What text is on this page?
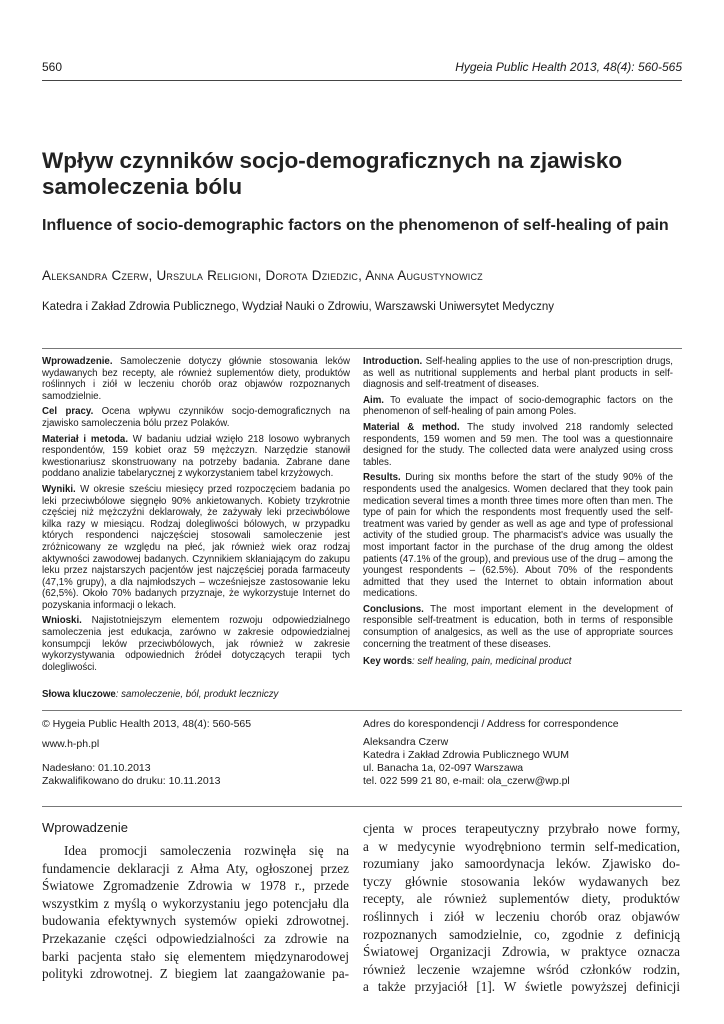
560	Hygeia Public Health 2013, 48(4): 560-565
Wpływ czynników socjo-demograficznych na zjawisko samoleczenia bólu
Influence of socio-demographic factors on the phenomenon of self-healing of pain
Aleksandra Czerw, Urszula Religioni, Dorota Dziedzic, Anna Augustynowicz
Katedra i Zakład Zdrowia Publicznego, Wydział Nauki o Zdrowiu, Warszawski Uniwersytet Medyczny

Wprowadzenie. Samoleczenie dotyczy głównie stosowania leków wydawanych bez recepty, ale również suplementów diety, produktów roślinnych i ziół w leczeniu chorób oraz objawów rozpoznanych samodzielnie.

Cel pracy. Ocena wpływu czynników socjo-demograficznych na zjawisko samoleczenia bólu przez Polaków.

Materiał i metoda. W badaniu udział wzięło 218 losowo wybranych respondentów, 159 kobiet oraz 59 mężczyzn. Narzędzie stanowił kwestionariusz skonstruowany na potrzeby badania. Zabrane dane poddano analizie tabelarycznej z wykorzystaniem tabel krzyżowych.

Wyniki. W okresie sześciu miesięcy przed rozpoczęciem badania po leki przeciwbólowe sięgnęło 90% ankietowanych. Kobiety trzykrotnie częściej niż mężczyźni deklarowały, że zażywały leki przeciwbólowe kilka razy w miesiącu. Rodzaj dolegliwości bólowych, w przypadku których respondenci najczęściej stosowali samoleczenie jest zróżnicowany ze względu na płeć, jak również wiek oraz rodzaj aktywności zawodowej badanych. Czynnikiem skłaniającym do zakupu leku przez najstarszych pacjentów jest najczęściej porada farmaceuty (47,1% grupy), a dla najmłodszych – wcześniejsze zastosowanie leku (62,5%). Około 70% badanych przyznaje, że wykorzystuje Internet do pozyskania informacji o lekach.

Wnioski. Najistotniejszym elementem rozwoju odpowiedzialnego samoleczenia jest edukacja, zarówno w zakresie odpowiedzialnej konsumpcji leków przeciwbólowych, jak również w zakresie wykorzystywania odpowiednich źródeł dotyczących terapii tych dolegliwości.

Słowa kluczowe: samoleczenie, ból, produkt leczniczy

Introduction. Self-healing applies to the use of non-prescription drugs, as well as nutritional supplements and herbal plant products in self-diagnosis and self-treatment of diseases.

Aim. To evaluate the impact of socio-demographic factors on the phenomenon of self-healing of pain among Poles.

Material & method. The study involved 218 randomly selected respondents, 159 women and 59 men. The tool was a questionnaire designed for the study. The collected data were analyzed using cross tables.

Results. During six months before the start of the study 90% of the respondents used the analgesics. Women declared that they took pain medication several times a month three times more often than men. The type of pain for which the respondents most frequently used the self-treatment was varied by gender as well as age and type of professional activity of the studied group. The pharmacist's advice was usually the most important factor in the purchase of the drug among the oldest patients (47.1% of the group), and previous use of the drug – among the youngest respondents – (62.5%). About 70% of the respondents admitted that they used the Internet to obtain information about medications.

Conclusions. The most important element in the development of responsible self-treatment is education, both in terms of responsible consumption of analgesics, as well as the use of appropriate sources concerning the treatment of these diseases.

Key words: self healing, pain, medicinal product

© Hygeia Public Health 2013, 48(4): 560-565
www.h-ph.pl
Nadesłano: 01.10.2013
Zakwalifikowano do druku: 10.11.2013
Adres do korespondencji / Address for correspondence
Aleksandra Czerw
Katedra i Zakład Zdrowia Publicznego WUM
ul. Banacha 1a, 02-097 Warszawa
tel. 022 599 21 80, e-mail: ola_czerw@wp.pl
Wprowadzenie
Idea promocji samoleczenia rozwinęła się na
fundamencie deklaracji z Ałma Aty, ogłoszonej przez
Światowe Zgromadzenie Zdrowia w 1978 r., przede
wszystkim z myślą o wykorzystaniu jego potencjału dla
budowania efektywnych systemów opieki zdrowotnej.
Przekazanie części odpowiedzialności za zdrowie na
barki pacjenta stało się elementem międzynarodowej
polityki zdrowotnej. Z biegiem lat zaangażowanie pa-
cjenta w proces terapeutyczny przybrało nowe formy,
a w medycynie wyodrębniono termin self-medication,
rozumiany jako samoordynacja leków. Zjawisko do-
tyczy głównie stosowania leków wydawanych bez
recepty, ale również suplementów diety, produktów
roślinnych i ziół w leczeniu chorób oraz objawów
rozpoznanych samodzielnie, co, zgodnie z definicją
Światowej Organizacji Zdrowia, w praktyce oznacza
również leczenie wzajemne wśród członków rodzin,
a także przyjaciół [1]. W świetle powyższej definicji
